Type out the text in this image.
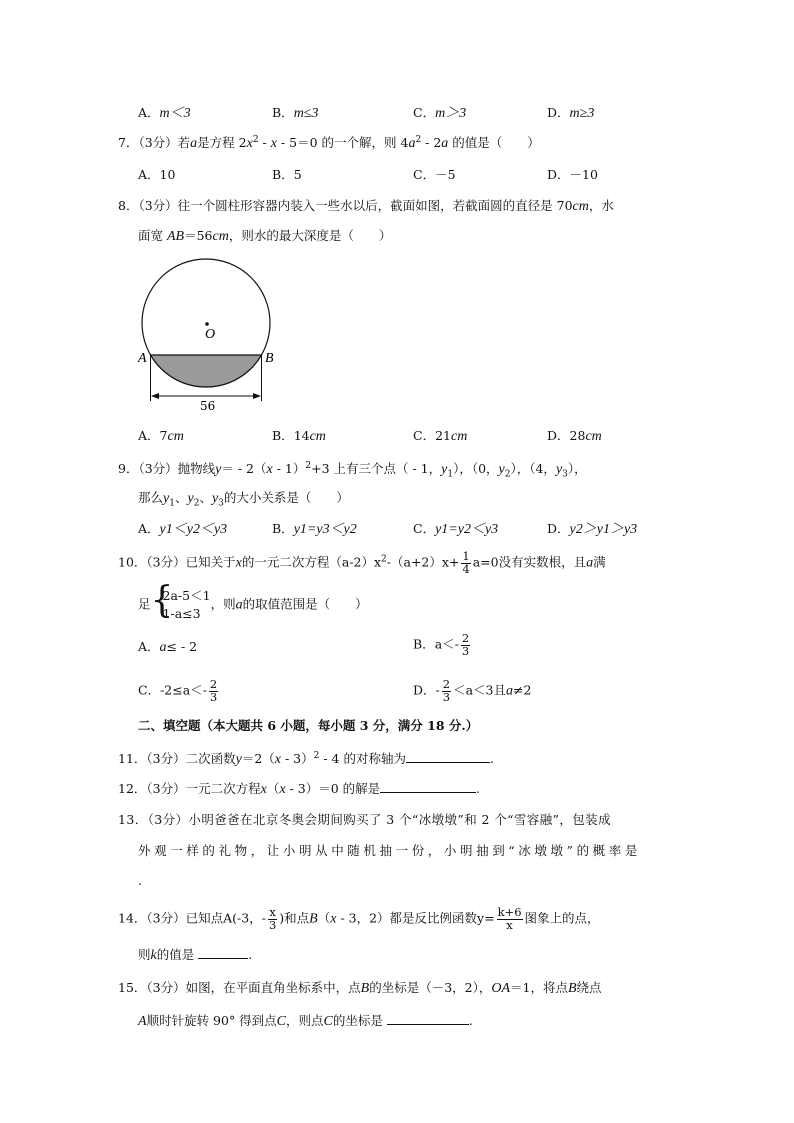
A．m＜3	B．m≤3	C．m＞3	D．m≥3
7．（3分）若a是方程 $2x^2 - x - 5=0$ 的一个解，则 $4a^2 - 2a$ 的值是（　　）
A．10	B．5	C．－5	D．－10
8．（3分）往一个圆柱形容器内装入一些水以后，截面如图，若截面圆的直径是 70cm，水
面宽 AB＝56cm，则水的最大深度是（　　）
O
A	B
56
A．7cm	B．14cm	C．21cm	D．28cm
9．（3分）抛物线y＝ - 2（x - 1）$^2$+3 上有三个点（ - 1，$y_1$），（0，$y_2$），（4，$y_3$），
那么$y_1$、$y_2$、$y_3$的大小关系是（　　）
A．y1＜y2＜y3	B．y1=y3＜y2	C．y1=y2＜y3	D．y2＞y1＞y3
10．（3分）已知关于x的一元二次方程$(a-2)x^2-(a+2)x+ \frac{1}{4} a=0$没有实数根，且a满
足 {
2a-5＜1
1-a≤3
，则a的取值范围是（　　）
A．a≤ - 2	B．$a<- \frac{2}{3}$
C．$-2\le a<- \frac{2}{3}$	D．- $\frac{2}{3} <a<3$且a≠2
二、填空题（本大题共 6 小题，每小题 3 分，满分 18 分.）
11．（3分）二次函数y＝2（x - 3）$^2$ - 4 的对称轴为	.
12．（3分）一元二次方程x（x - 3）＝0 的解是	.
13．（3分）小明爸爸在北京冬奥会期间购买了 3 个“冰墩墩”和 2 个“雪容融”，包装成
外观一样的礼物，让小明从中随机抽一份，小明抽到“冰墩墩”的概率是
.
14．（3分）已知点A(-3，- $\frac{x}{3}$ )和点B（x - 3，2）都是反比例函数$y= \frac{k+6}{x}$ 图象上的点，
则k的值是	.
15．（3分）如图，在平面直角坐标系中，点B的坐标是（－3，2），OA＝1，将点B绕点
A顺时针旋转 90° 得到点C，则点C的坐标是	.
